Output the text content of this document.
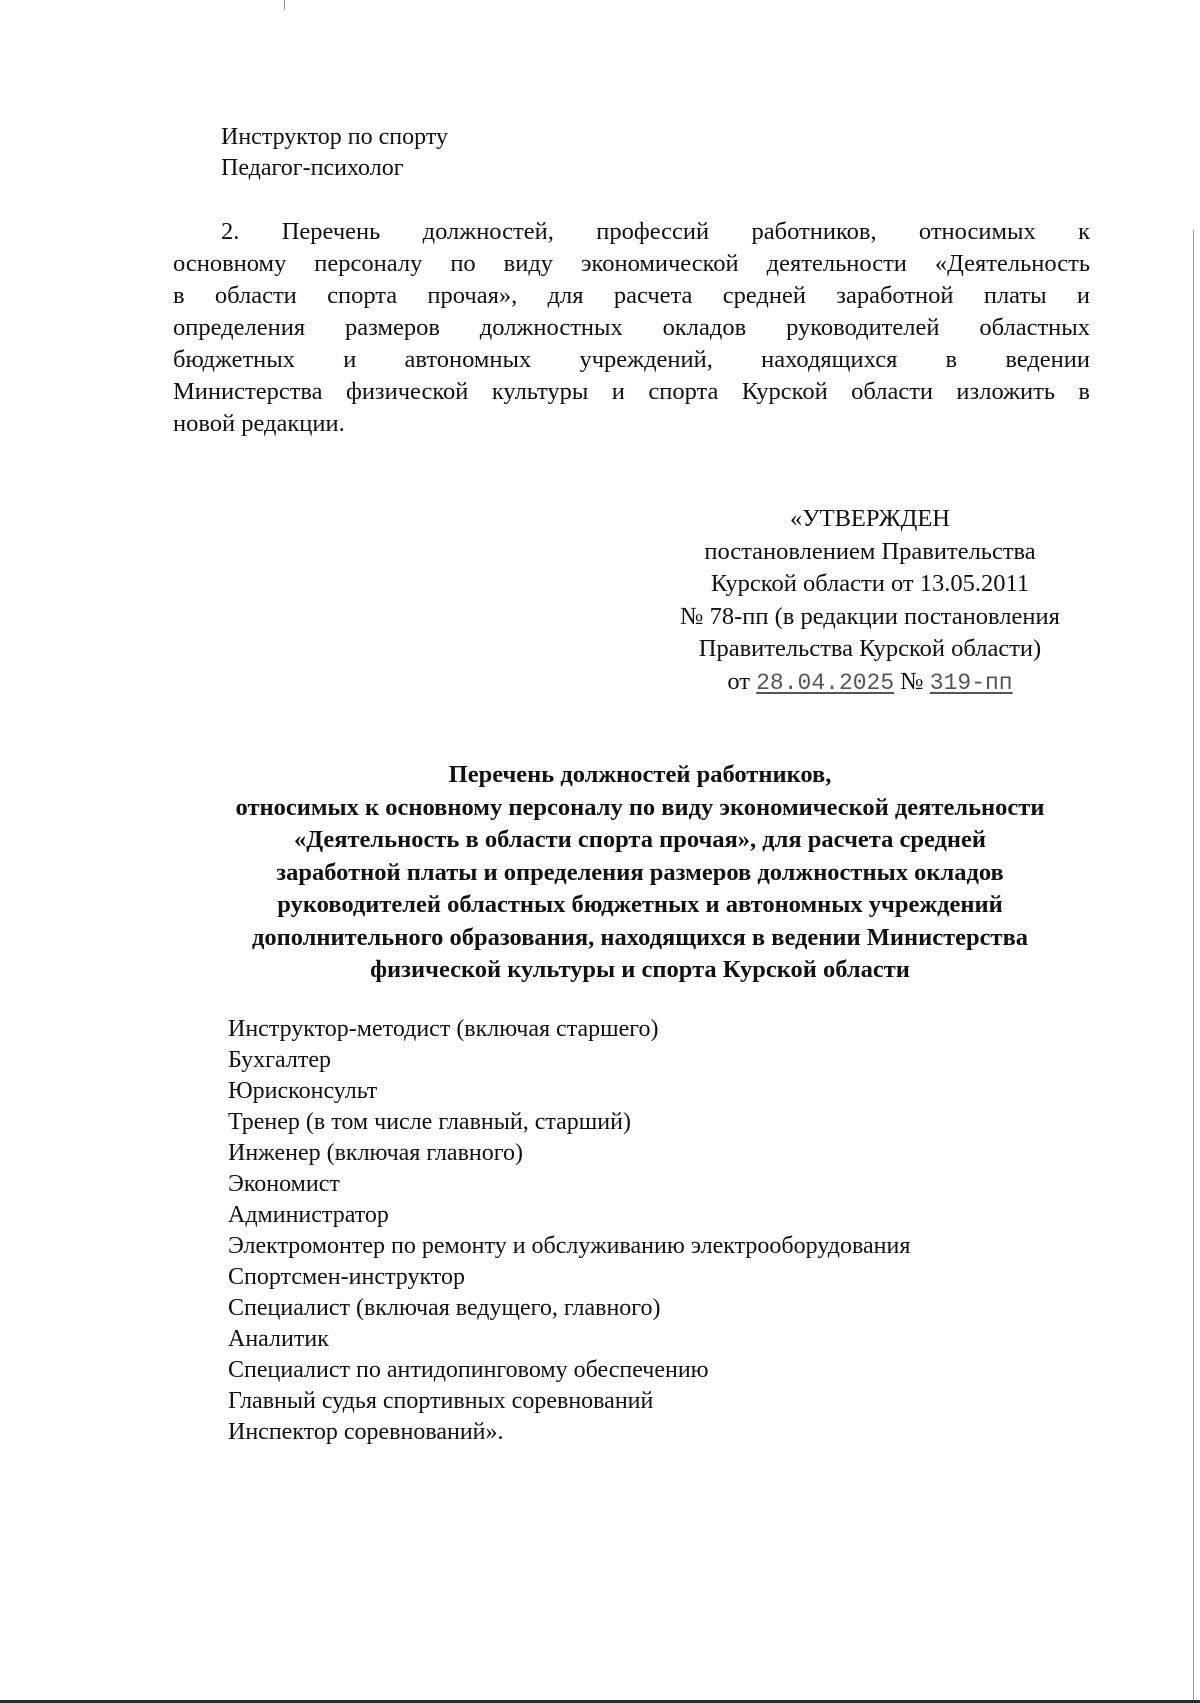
Инструктор по спорту
Педагог-психолог
2. Перечень должностей, профессий работников, относимых к
основному персоналу по виду экономической деятельности «Деятельность
в области спорта прочая», для расчета средней заработной платы и
определения размеров должностных окладов руководителей областных
бюджетных и автономных учреждений, находящихся в ведении
Министерства физической культуры и спорта Курской области изложить в
новой редакции.
«УТВЕРЖДЕН
постановлением Правительства
Курской области от 13.05.2011
№ 78-пп (в редакции постановления
Правительства Курской области)
от 28.04.2025 № 319-пп
Перечень должностей работников,
относимых к основному персоналу по виду экономической деятельности
«Деятельность в области спорта прочая», для расчета средней
заработной платы и определения размеров должностных окладов
руководителей областных бюджетных и автономных учреждений
дополнительного образования, находящихся в ведении Министерства
физической культуры и спорта Курской области
Инструктор-методист (включая старшего)
Бухгалтер
Юрисконсульт
Тренер (в том числе главный, старший)
Инженер (включая главного)
Экономист
Администратор
Электромонтер по ремонту и обслуживанию электрооборудования
Спортсмен-инструктор
Специалист (включая ведущего, главного)
Аналитик
Специалист по антидопинговому обеспечению
Главный судья спортивных соревнований
Инспектор соревнований».
